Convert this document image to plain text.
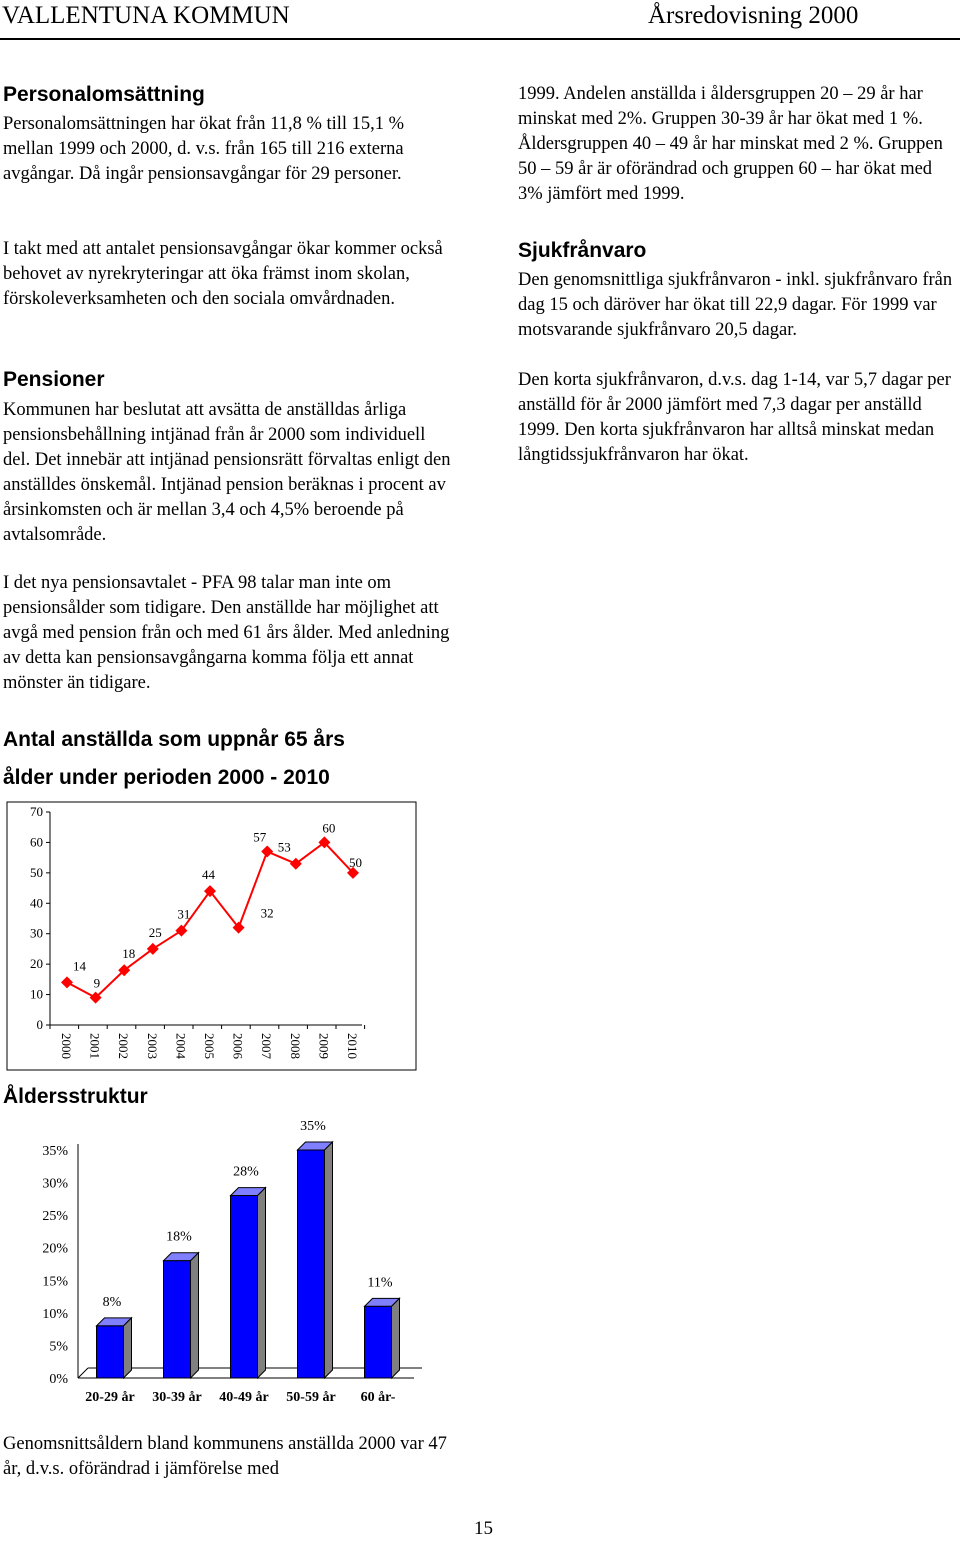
VALLENTUNA KOMMUN	Årsredovisning 2000
Personalomsättning

Personalomsättningen har ökat från 11,8 % till 15,1 % mellan 1999 och 2000, d. v.s. från 165 till 216 externa avgångar. Då ingår pensionsavgångar för 29 personer.

I takt med att antalet pensionsavgångar ökar kommer också behovet av nyrekryteringar att öka främst inom skolan, förskoleverksamheten och den sociala omvårdnaden.

Pensioner

Kommunen har beslutat att avsätta de anställdas årliga pensionsbehållning intjänad från år 2000 som individuell del. Det innebär att intjänad pensionsrätt förvaltas enligt den anställdes önskemål. Intjänad pension beräknas i procent av årsinkomsten och är mellan 3,4 och 4,5% beroende på avtalsområde.

I det nya pensionsavtalet - PFA 98 talar man inte om pensionsålder som tidigare. Den anställde har möjlighet att avgå med pension från och med 61 års ålder. Med anledning av detta kan pensionsavgångarna komma följa ett annat mönster än tidigare.

Antal anställda som uppnår 65 års
ålder under perioden 2000 - 2010
0
10
20
30
40
50
60
70
2000 2001 2002 2003 2004 2005 2006 2007 2008 2009 2010
14
9
18
25
31
44
32
57
53
60
50
Åldersstruktur
0%
5%
10%
15%
20%
25%
30%
35%
8%
18%
28%
35%
11%
20-29 år 30-39 år 40-49 år 50-59 år 60 år-

Genomsnittsåldern bland kommunens anställda 2000 var 47 år, d.v.s. oförändrad i jämförelse med

1999. Andelen anställda i åldersgruppen 20 – 29 år har minskat med 2%. Gruppen 30-39 år har ökat med 1 %. Åldersgruppen 40 – 49 år har minskat med 2 %. Gruppen 50 – 59 år är oförändrad och gruppen 60 – har ökat med 3% jämfört med 1999.

Sjukfrånvaro

Den genomsnittliga sjukfrånvaron - inkl. sjukfrånvaro från dag 15 och däröver har ökat till 22,9 dagar. För 1999 var motsvarande sjukfrånvaro 20,5 dagar.

Den korta sjukfrånvaron, d.v.s. dag 1-14, var 5,7 dagar per anställd för år 2000 jämfört med 7,3 dagar per anställd 1999. Den korta sjukfrånvaron har alltså minskat medan långtidssjukfrånvaron har ökat.

15
